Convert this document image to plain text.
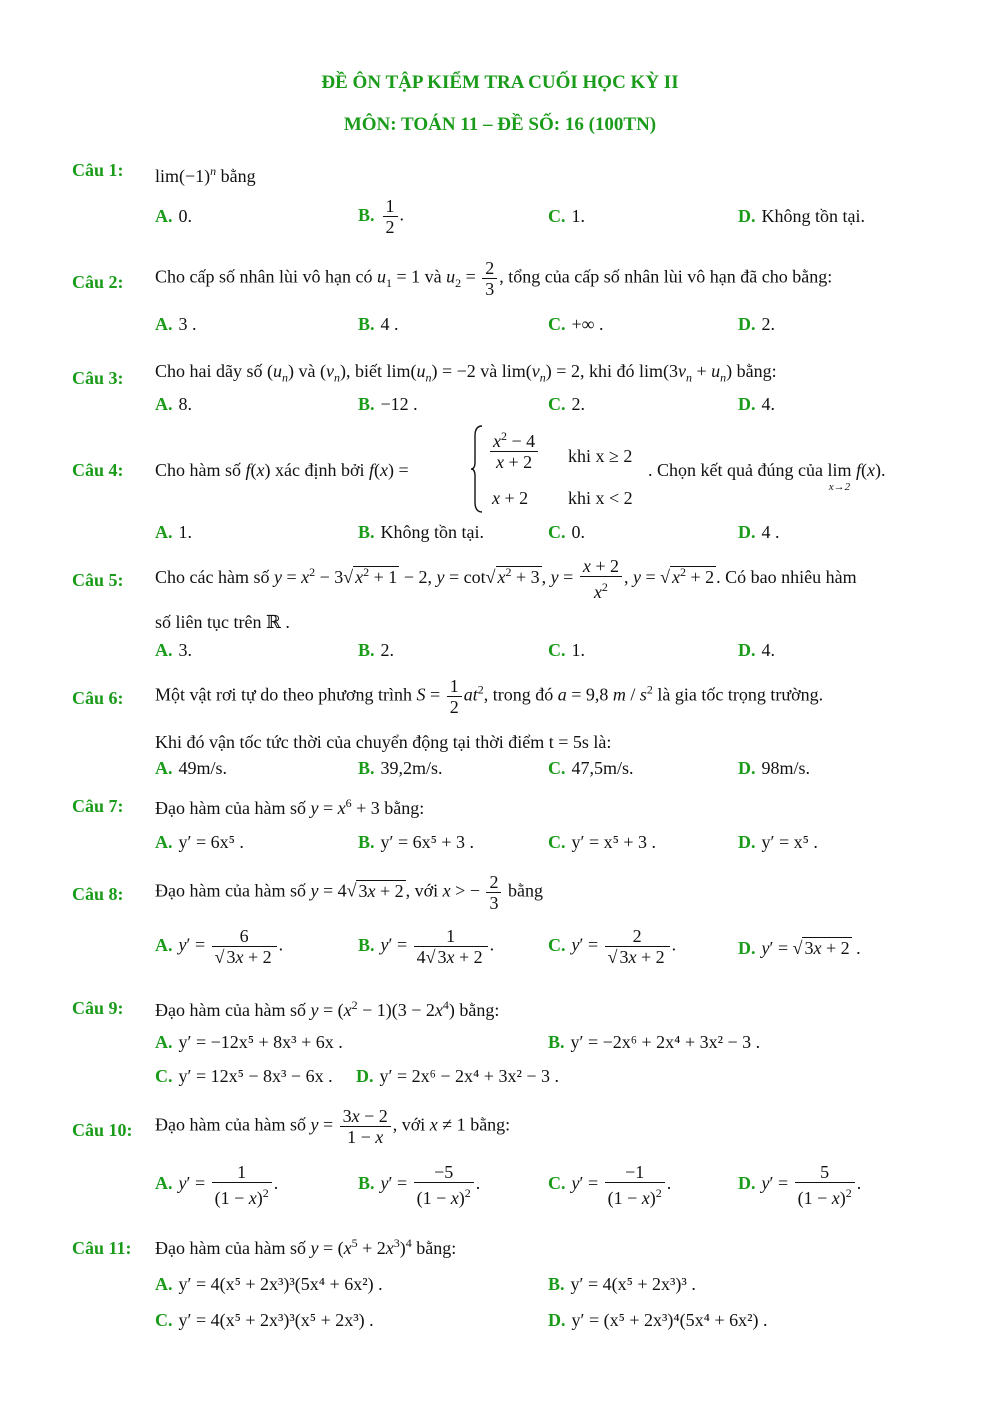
ĐỀ ÔN TẬP KIỂM TRA CUỐI HỌC KỲ II
MÔN: TOÁN 11 – ĐỀ SỐ: 16 (100TN)
Câu 1: $\lim(-1)^n$ bằng
A. 0.	B. $\frac{1}{2}$ .	C. 1.	D. Không tồn tại.
Câu 2: Cho cấp số nhân lùi vô hạn có $u_1 = 1$ và $u_2 = \frac{2}{3}$ , tổng của cấp số nhân lùi vô hạn đã cho bằng:
A. 3 .	B. 4 .	C. +∞ .	D. 2.
Câu 3: Cho hai dãy số $(u_n)$ và $(v_n)$, biết $\lim(u_n) = -2$ và $\lim(v_n) = 2$, khi đó $\lim(3v_n + u_n)$ bằng:
A. 8.	B. −12 .	C. 2.	D. 4.
Câu 4: Cho hàm số f(x) xác định bởi f(x) =	$\frac{x^2 - 4}{x + 2}$ khi x ≥ 2
x + 2 khi x < 2
. Chọn kết quả đúng của lim
x→2
f(x).
A. 1.	B. Không tồn tại.	C. 0.	D. 4 .
Câu 5: Cho các hàm số $y = x^2 - 3√$ $x^2 + 1 - 2$, y = cot√ $x^2 + 3$ , $y = \frac{x + 2}{x^2}$ , y = √ $x^2 + 2$ . Có bao nhiêu hàm
số liên tục trên ℝ .
A. 3.	B. 2.	C. 1.	D. 4.
Câu 6: Một vật rơi tự do theo phương trình $S = \frac{1}{2} at^2$, trong đó a = 9,8 m / $s^2$ là gia tốc trọng trường.
Khi đó vận tốc tức thời của chuyển động tại thời điểm t = 5s là:
A. 49m/s.	B. 39,2m/s.	C. 47,5m/s.	D. 98m/s.
Câu 7: Đạo hàm của hàm số $y = x^6 + 3$ bằng:
A. y′ = 6x⁵ .	B. y′ = 6x⁵ + 3 .	C. y′ = x⁵ + 3 .	D. y′ = x⁵ .
Câu 8: Đạo hàm của hàm số y = 4√ 3x + 2 , với x > − $\frac{2}{3}$ bằng
A. $y' = \frac{6}{√ 3x + 2}$ .	B. $y' = \frac{1}{4√ 3x + 2}$ .	C. $y' = \frac{2}{√ 3x + 2}$ .	D. y′ = √ 3x + 2 .
Câu 9: Đạo hàm của hàm số $y = (x^2 - 1)(3 - 2x^4)$ bằng:
A. y′ = −12x⁵ + 8x³ + 6x .	B. y′ = −2x⁶ + 2x⁴ + 3x² − 3 .
C. y′ = 12x⁵ − 8x³ − 6x . D. y′ = 2x⁶ − 2x⁴ + 3x² − 3 .
Câu 10: Đạo hàm của hàm số $y = \frac{3x - 2}{1 - x}$ , với x ≠ 1 bằng:
A. $y' = \frac{1}{(1 - x)^2}$ .	B. $y' = \frac{-5}{(1 - x)^2}$ .	C. $y' = \frac{-1}{(1 - x)^2}$ .	D. $y' = \frac{5}{(1 - x)^2}$ .
Câu 11: Đạo hàm của hàm số $y = (x^5 + 2x^3)^4$ bằng:
A. y′ = 4(x⁵ + 2x³)³(5x⁴ + 6x²) .	B. y′ = 4(x⁵ + 2x³)³ .
C. y′ = 4(x⁵ + 2x³)³(x⁵ + 2x³) .	D. y′ = (x⁵ + 2x³)⁴(5x⁴ + 6x²) .
